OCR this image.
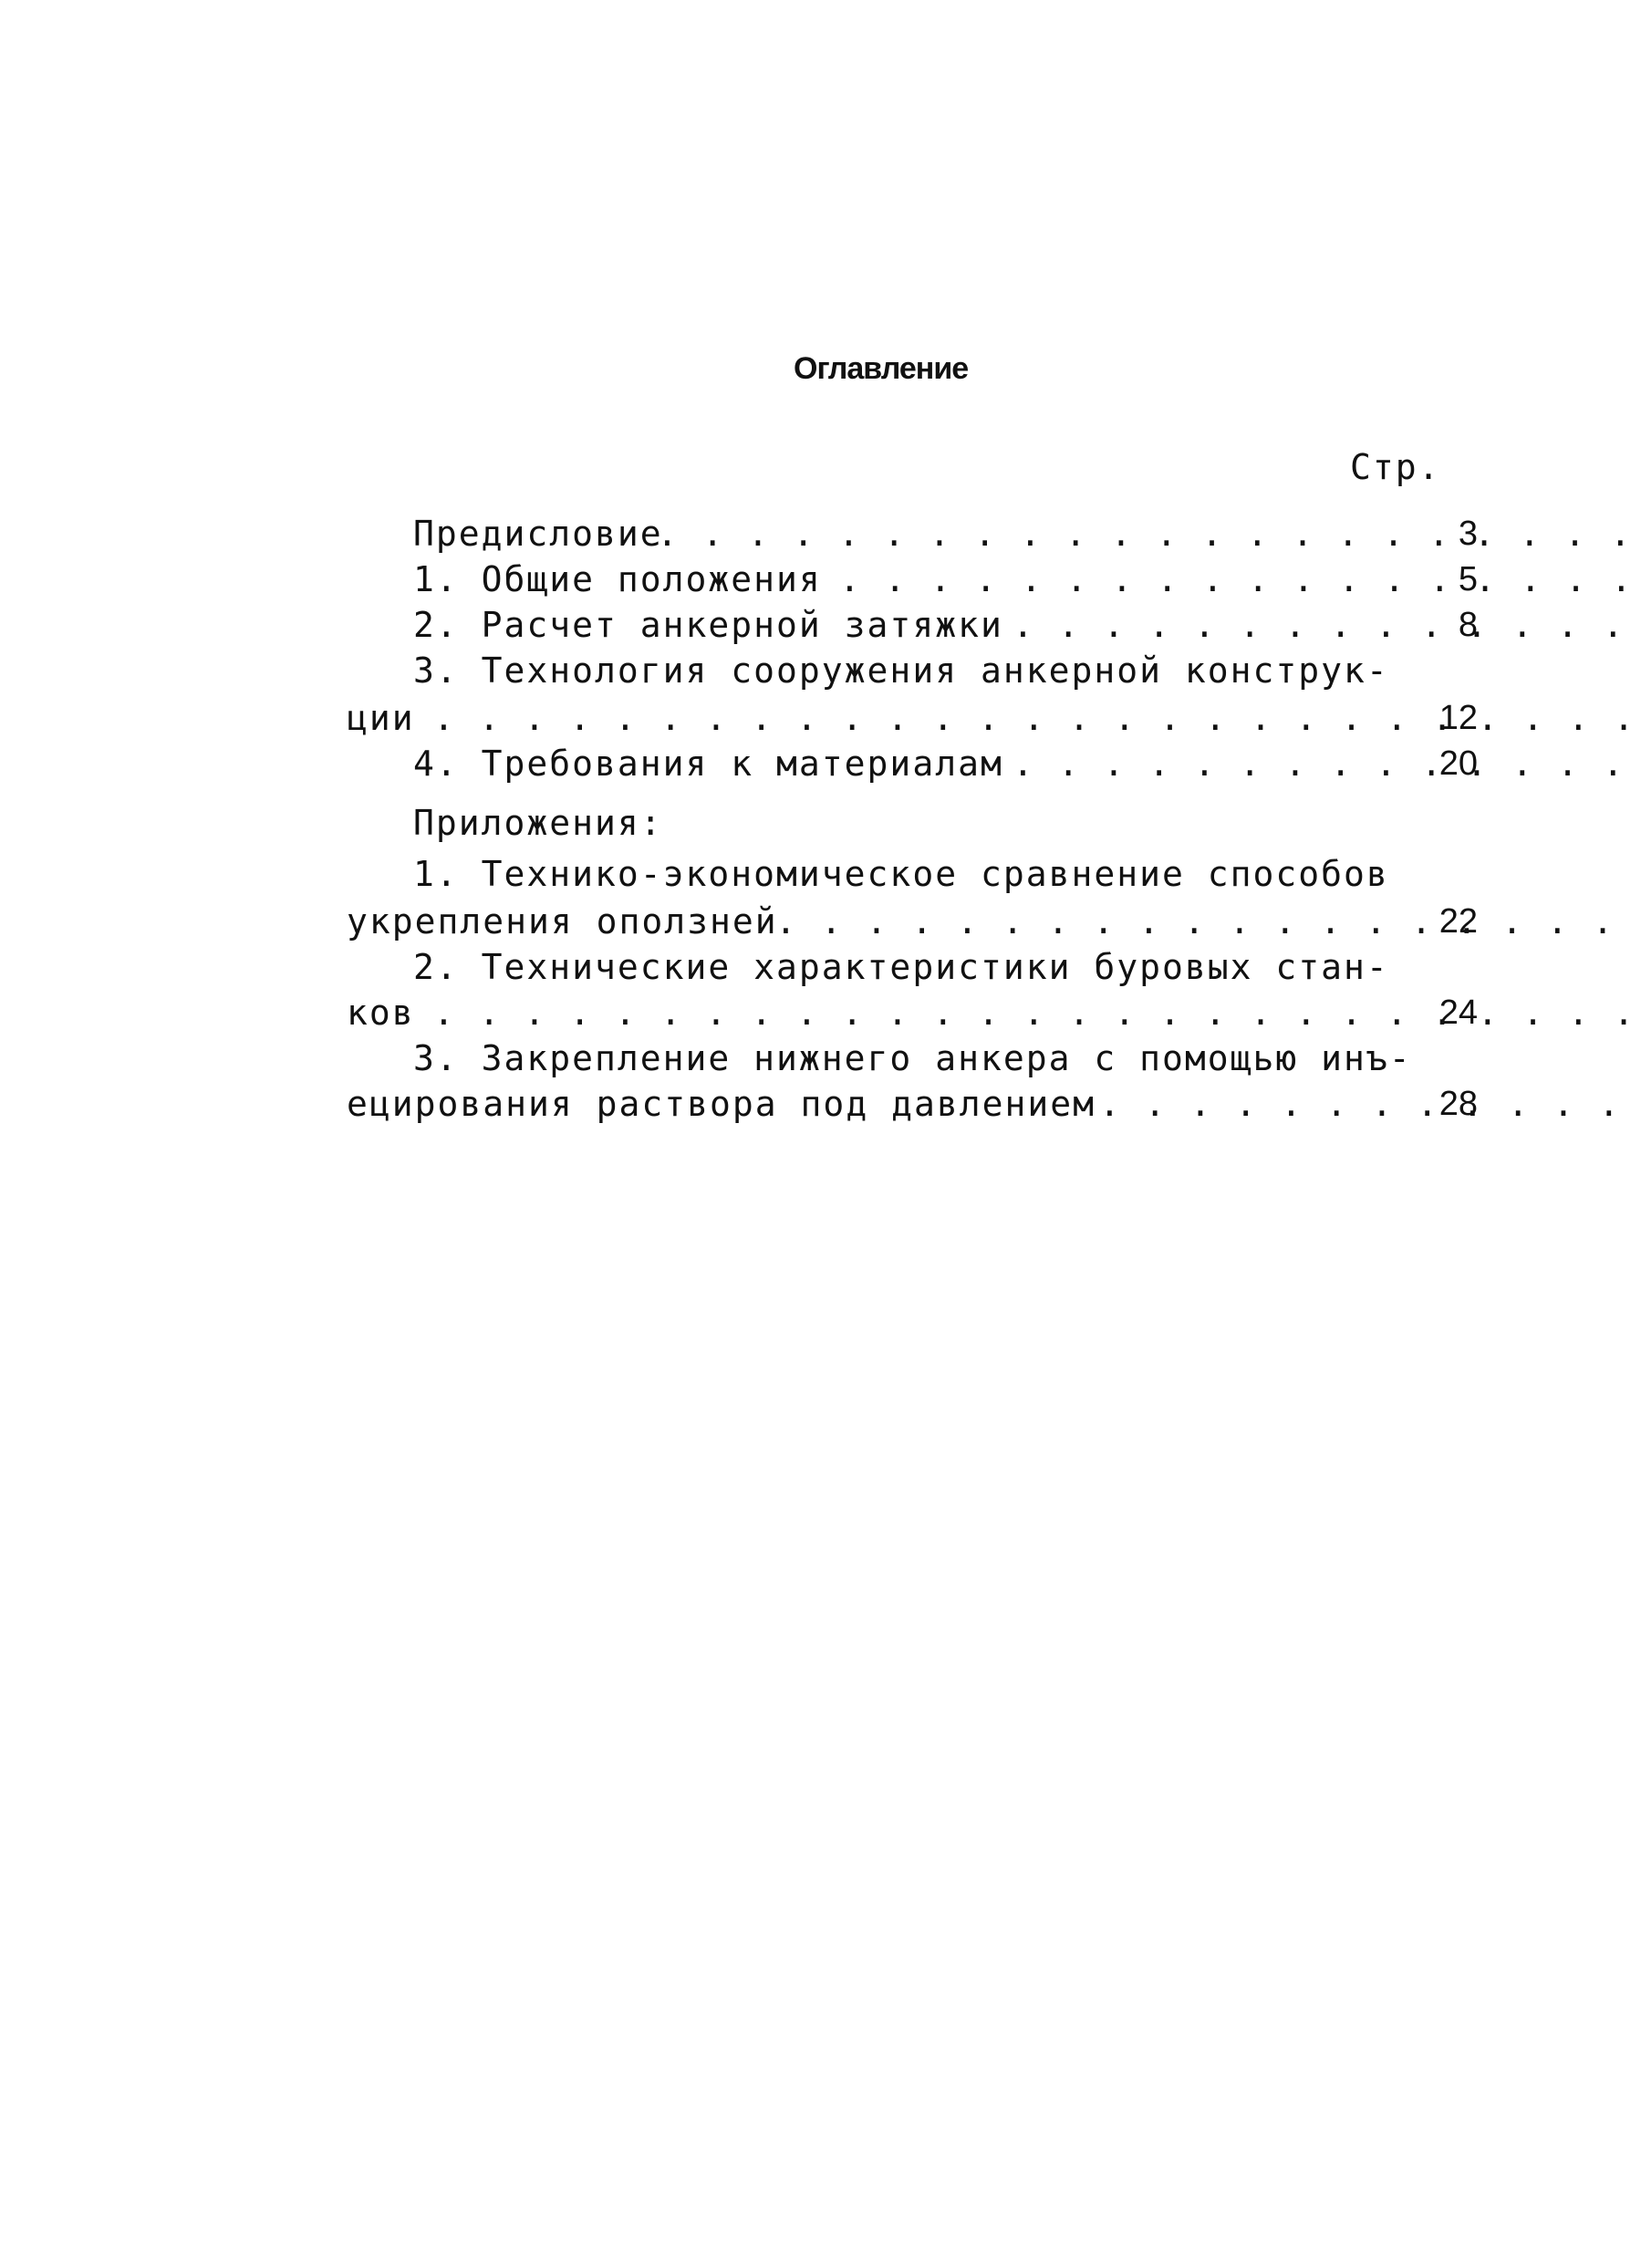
Оглавление
Стр.
Предисловие . . .	3
1. Общие положения . . .	5
2. Расчет анкерной затяжки . . .	8
3. Технология сооружения анкерной конструк-
ции . . .	12
4. Требования к материалам . . .	20
Приложения:
1. Технико-экономическое сравнение способов
укрепления оползней . . .	22
2. Технические характеристики буровых стан-
ков . . .	24
3. Закрепление нижнего анкера с помощью инъ-
ецирования раствора под давлением . . .	28
